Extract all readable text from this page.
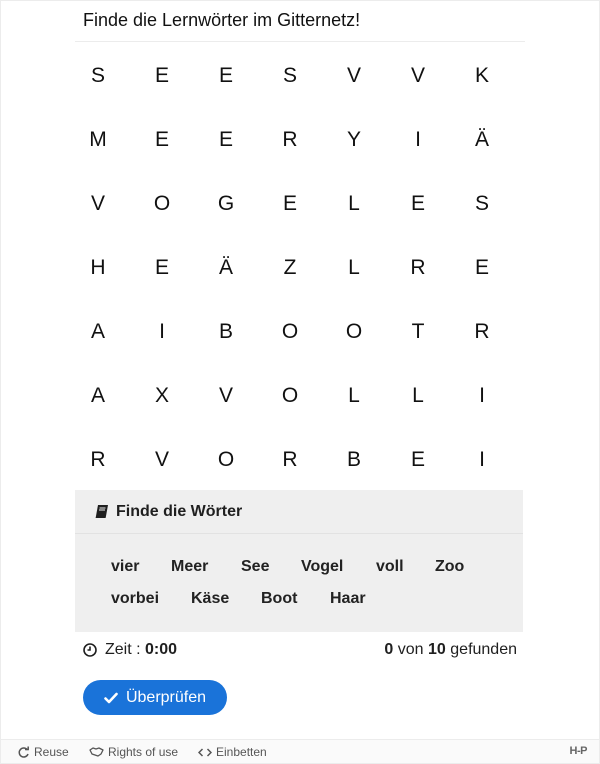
Finde die Lernwörter im Gitternetz!
S	E	E	S	V	V	K
M	E	E	R	Y	I	Ä
V	O	G	E	L	E	S
H	E	Ä	Z	L	R	E
A	I	B	O	O	T	R
A	X	V	O	L	L	I
R	V	O	R	B	E	I
Finde die Wörter
vier Meer See Vogel voll Zoo
vorbei Käse Boot Haar
Zeit :
0:00	0 von 10 gefunden
Überprüfen
Reuse	Rights of use	Einbetten	H-P
